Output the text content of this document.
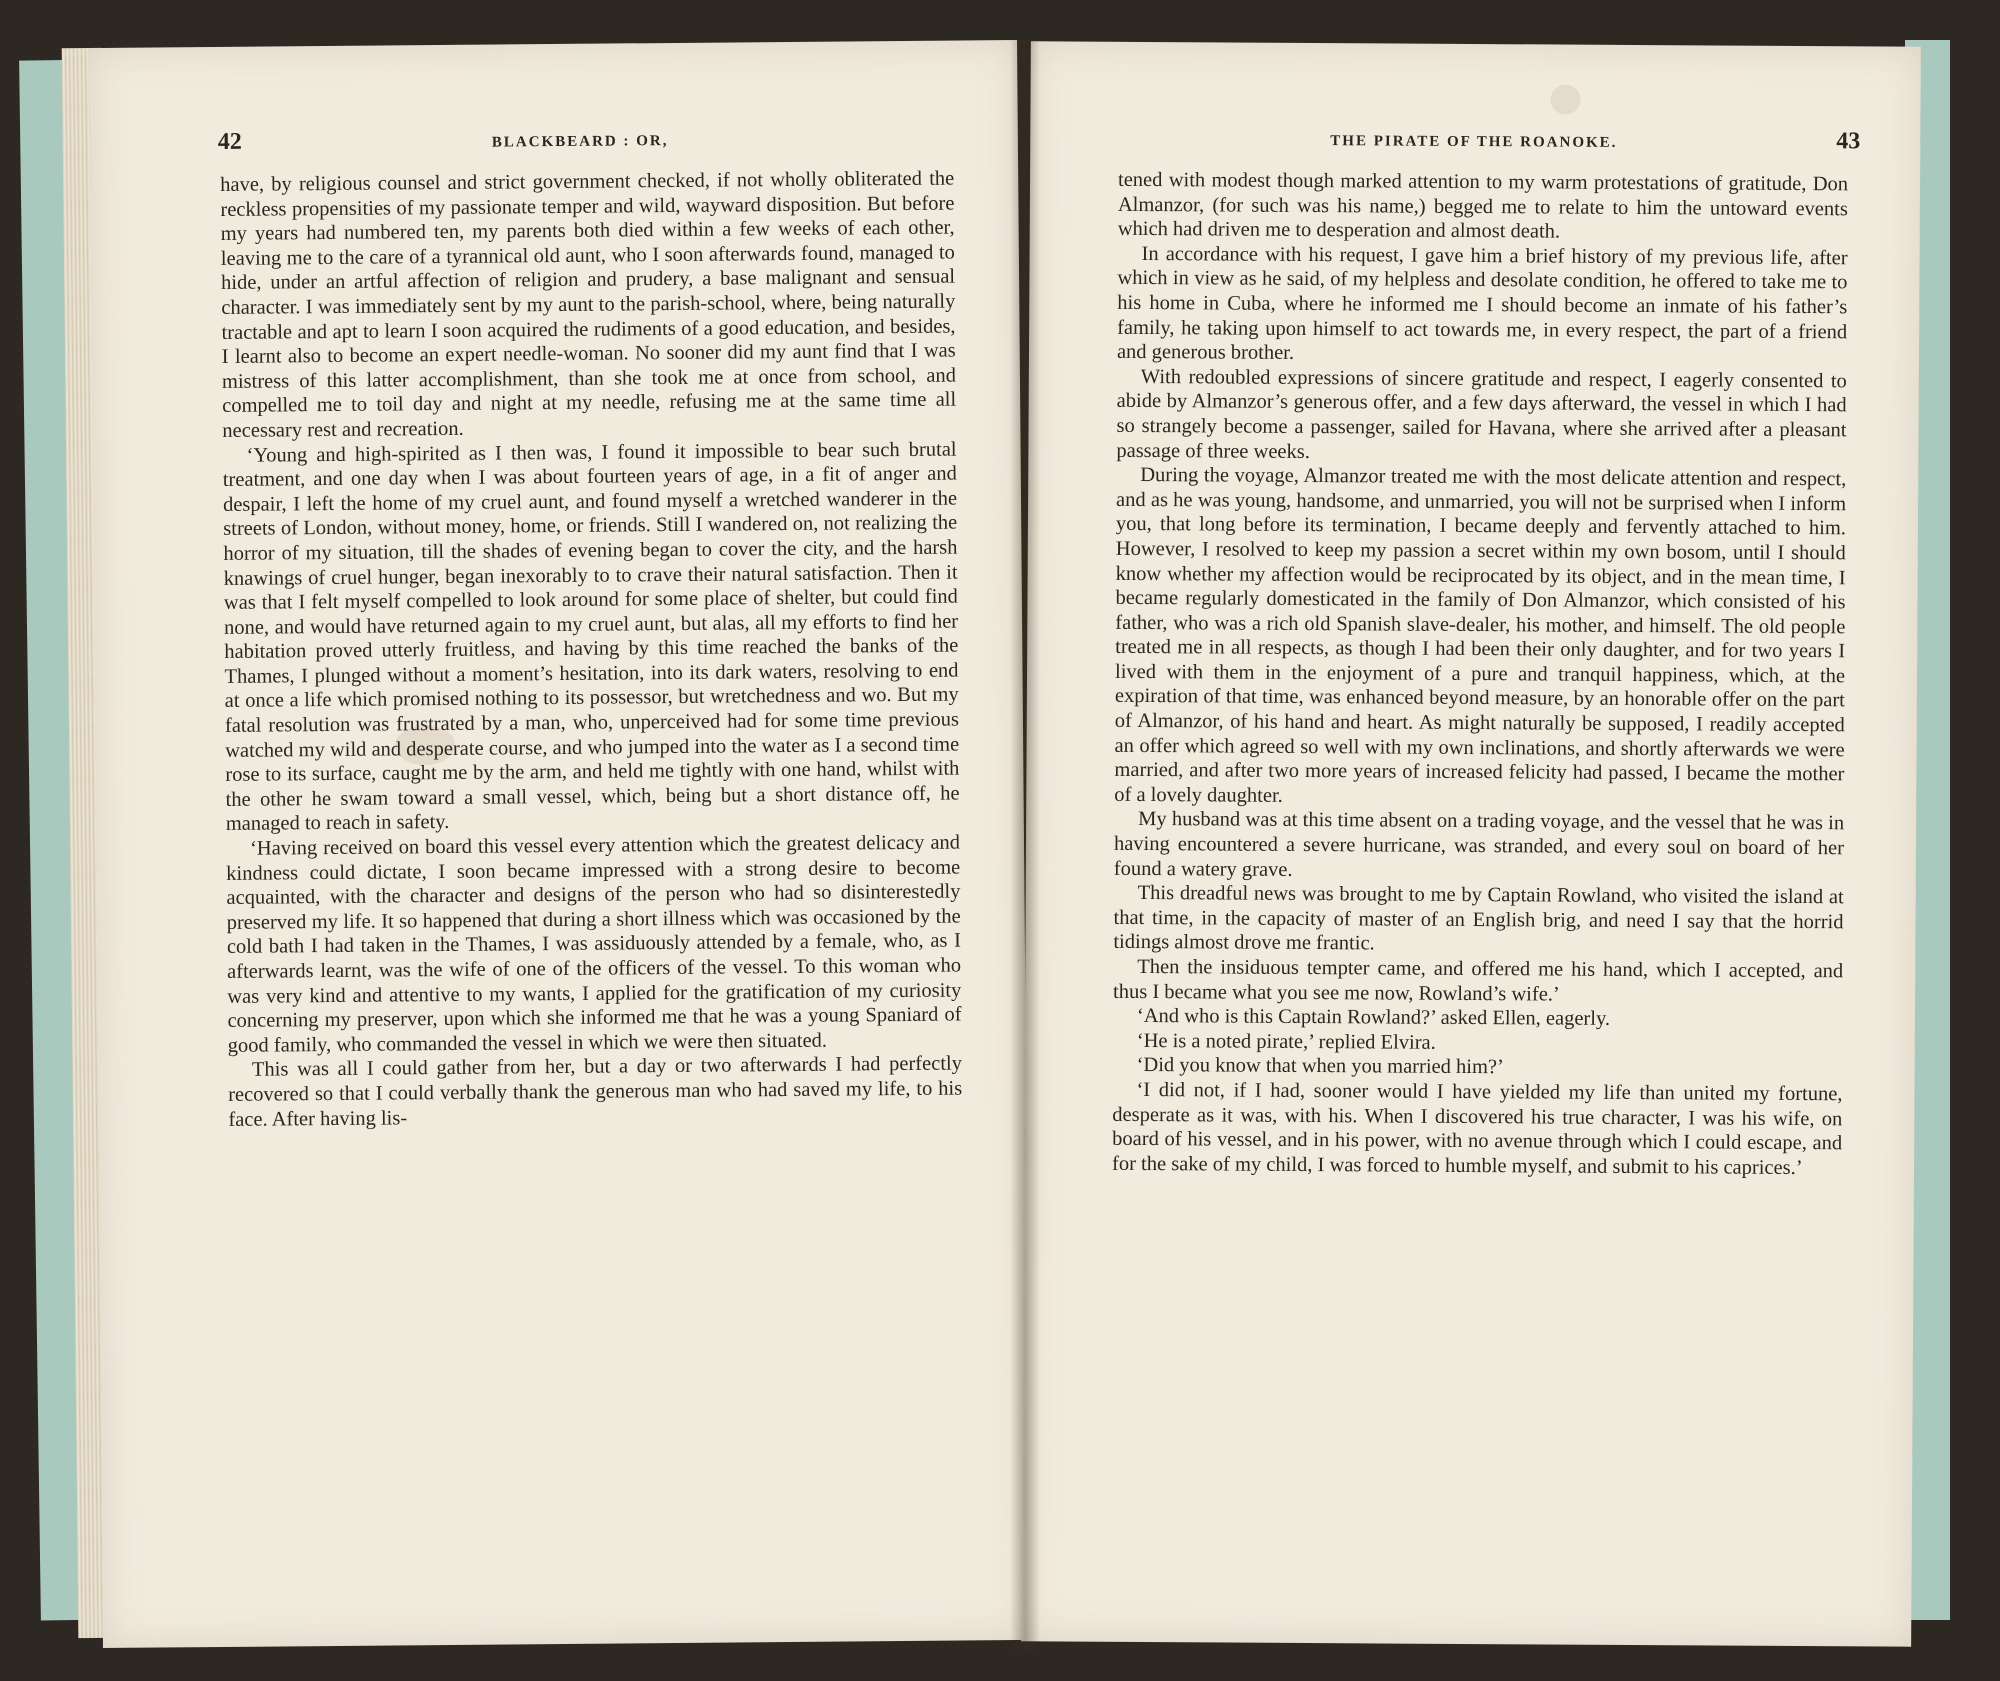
42	BLACKBEARD : OR,

have, by religious counsel and strict government checked, if not wholly obliterated the reckless propensities of my passionate temper and wild, wayward disposition. But before my years had numbered ten, my parents both died within a few weeks of each other, leaving me to the care of a tyrannical old aunt, who I soon afterwards found, managed to hide, under an artful affection of religion and prudery, a base malignant and sensual character. I was immediately sent by my aunt to the parish-school, where, being naturally tractable and apt to learn I soon acquired the rudiments of a good education, and besides, I learnt also to become an expert needle-woman. No sooner did my aunt find that I was mistress of this latter accomplishment, than she took me at once from school, and compelled me to toil day and night at my needle, refusing me at the same time all necessary rest and recreation.

‘Young and high-spirited as I then was, I found it impossible to bear such brutal treatment, and one day when I was about fourteen years of age, in a fit of anger and despair, I left the home of my cruel aunt, and found myself a wretched wanderer in the streets of London, without money, home, or friends. Still I wandered on, not realizing the horror of my situation, till the shades of evening began to cover the city, and the harsh knawings of cruel hunger, began inexorably to to crave their natural satisfaction. Then it was that I felt myself compelled to look around for some place of shelter, but could find none, and would have returned again to my cruel aunt, but alas, all my efforts to find her habitation proved utterly fruitless, and having by this time reached the banks of the Thames, I plunged without a moment’s hesitation, into its dark waters, resolving to end at once a life which promised nothing to its possessor, but wretchedness and wo. But my fatal resolution was frustrated by a man, who, unperceived had for some time previous watched my wild and desperate course, and who jumped into the water as I a second time rose to its surface, caught me by the arm, and held me tightly with one hand, whilst with the other he swam toward a small vessel, which, being but a short distance off, he managed to reach in safety.

‘Having received on board this vessel every attention which the greatest delicacy and kindness could dictate, I soon became impressed with a strong desire to become acquainted, with the character and designs of the person who had so disinterestedly preserved my life. It so happened that during a short illness which was occasioned by the cold bath I had taken in the Thames, I was assiduously attended by a female, who, as I afterwards learnt, was the wife of one of the officers of the vessel. To this woman who was very kind and attentive to my wants, I applied for the gratification of my curiosity concerning my preserver, upon which she informed me that he was a young Spaniard of good family, who commanded the vessel in which we were then situated.

This was all I could gather from her, but a day or two afterwards I had perfectly recovered so that I could verbally thank the generous man who had saved my life, to his face. After having lis-

THE PIRATE OF THE ROANOKE.	43

tened with modest though marked attention to my warm protestations of gratitude, Don Almanzor, (for such was his name,) begged me to relate to him the untoward events which had driven me to desperation and almost death.

In accordance with his request, I gave him a brief history of my previous life, after which in view as he said, of my helpless and desolate condition, he offered to take me to his home in Cuba, where he informed me I should become an inmate of his father’s family, he taking upon himself to act towards me, in every respect, the part of a friend and generous brother.

With redoubled expressions of sincere gratitude and respect, I eagerly consented to abide by Almanzor’s generous offer, and a few days afterward, the vessel in which I had so strangely become a passenger, sailed for Havana, where she arrived after a pleasant passage of three weeks.

During the voyage, Almanzor treated me with the most delicate attention and respect, and as he was young, handsome, and unmarried, you will not be surprised when I inform you, that long before its termination, I became deeply and fervently attached to him. However, I resolved to keep my passion a secret within my own bosom, until I should know whether my affection would be reciprocated by its object, and in the mean time, I became regularly domesticated in the family of Don Almanzor, which consisted of his father, who was a rich old Spanish slave-dealer, his mother, and himself. The old people treated me in all respects, as though I had been their only daughter, and for two years I lived with them in the enjoyment of a pure and tranquil happiness, which, at the expiration of that time, was enhanced beyond measure, by an honorable offer on the part of Almanzor, of his hand and heart. As might naturally be supposed, I readily accepted an offer which agreed so well with my own inclinations, and shortly afterwards we were married, and after two more years of increased felicity had passed, I became the mother of a lovely daughter.

My husband was at this time absent on a trading voyage, and the vessel that he was in having encountered a severe hurricane, was stranded, and every soul on board of her found a watery grave.

This dreadful news was brought to me by Captain Rowland, who visited the island at that time, in the capacity of master of an English brig, and need I say that the horrid tidings almost drove me frantic.

Then the insiduous tempter came, and offered me his hand, which I accepted, and thus I became what you see me now, Rowland’s wife.’

‘And who is this Captain Rowland?’ asked Ellen, eagerly.

‘He is a noted pirate,’ replied Elvira.

‘Did you know that when you married him?’

‘I did not, if I had, sooner would I have yielded my life than united my fortune, desperate as it was, with his. When I discovered his true character, I was his wife, on board of his vessel, and in his power, with no avenue through which I could escape, and for the sake of my child, I was forced to humble myself, and submit to his caprices.’
